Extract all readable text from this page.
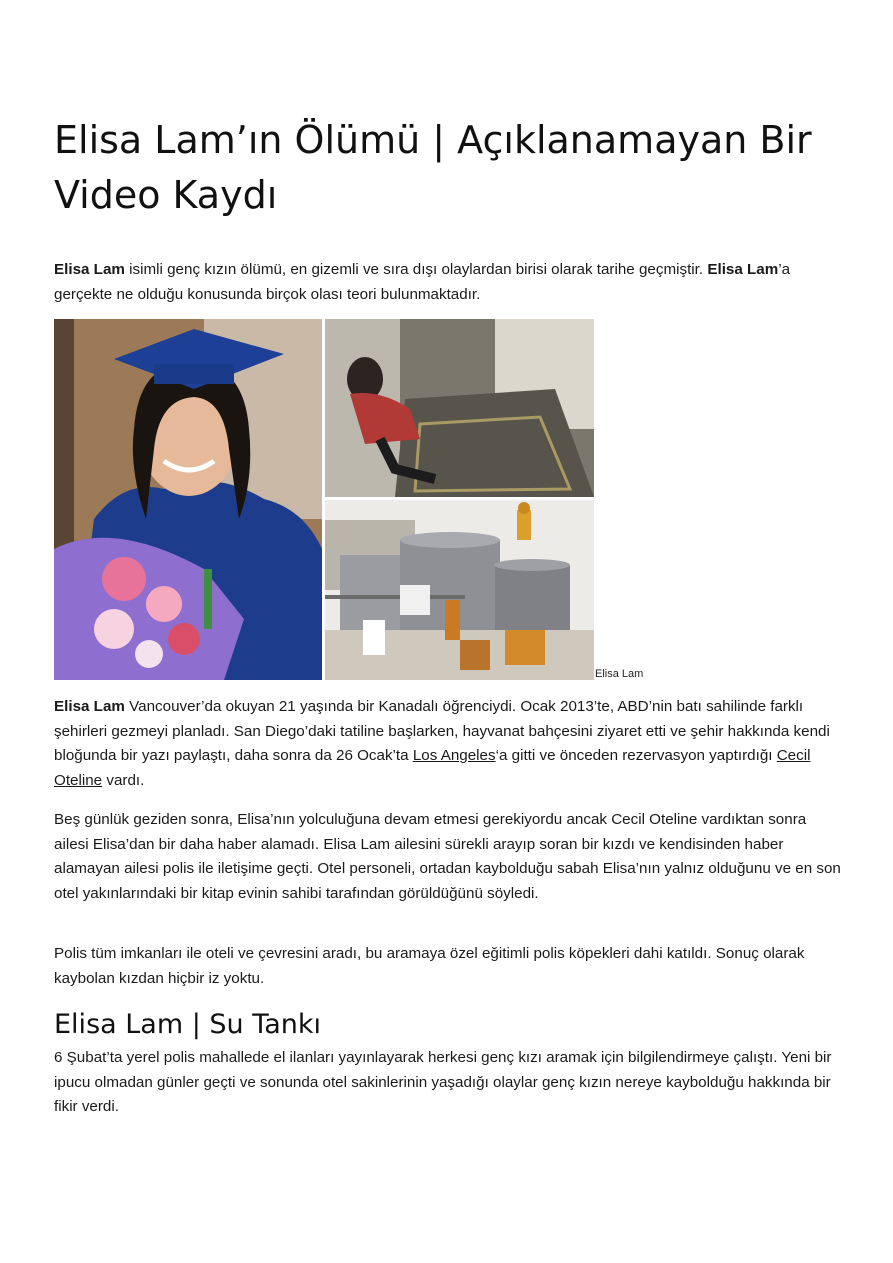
Elisa Lam’ın Ölümü | Açıklanamayan Bir
Video Kaydı

Elisa Lam isimli genç kızın ölümü, en gizemli ve sıra dışı olaylardan birisi olarak tarihe geçmiştir. Elisa Lam’a gerçekte ne olduğu konusunda birçok olası teori bulunmaktadır.

Elisa Lam

Elisa Lam Vancouver’da okuyan 21 yaşında bir Kanadalı öğrenciydi. Ocak 2013’te, ABD’nin batı sahilinde farklı şehirleri gezmeyi planladı. San Diego’daki tatiline başlarken, hayvanat bahçesini ziyaret etti ve şehir hakkında kendi bloğunda bir yazı paylaştı, daha sonra da 26 Ocak’ta Los Angeles‘a gitti ve önceden rezervasyon yaptırdığı Cecil Oteline vardı.

Beş günlük geziden sonra, Elisa’nın yolculuğuna devam etmesi gerekiyordu ancak Cecil Oteline vardıktan sonra ailesi Elisa’dan bir daha haber alamadı. Elisa Lam ailesini sürekli arayıp soran bir kızdı ve kendisinden haber alamayan ailesi polis ile iletişime geçti. Otel personeli, ortadan kaybolduğu sabah Elisa’nın yalnız olduğunu ve en son otel yakınlarındaki bir kitap evinin sahibi tarafından görüldüğünü söyledi.

Polis tüm imkanları ile oteli ve çevresini aradı, bu aramaya özel eğitimli polis köpekleri dahi katıldı. Sonuç olarak kaybolan kızdan hiçbir iz yoktu.

Elisa Lam | Su Tankı

6 Şubat’ta yerel polis mahallede el ilanları yayınlayarak herkesi genç kızı aramak için bilgilendirmeye çalıştı. Yeni bir ipucu olmadan günler geçti ve sonunda otel sakinlerinin yaşadığı olaylar genç kızın nereye kaybolduğu hakkında bir fikir verdi.
